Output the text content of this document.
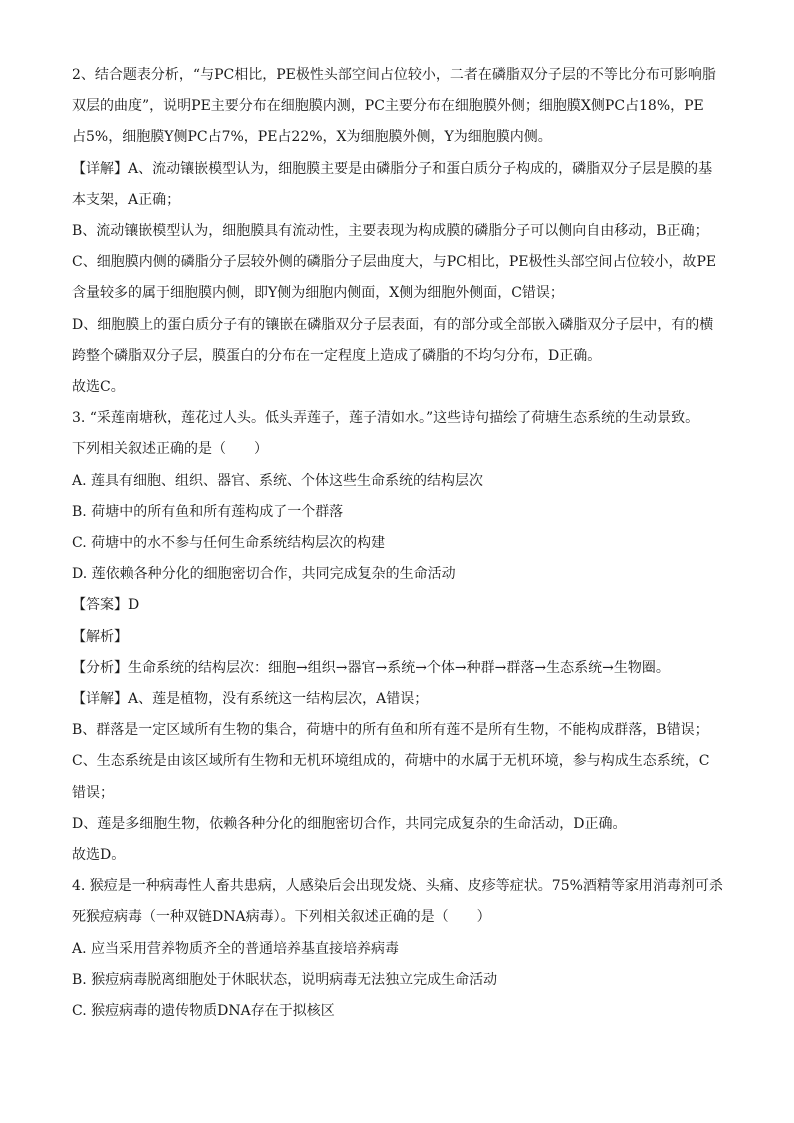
2、结合题表分析，“与PC相比，PE极性头部空间占位较小，二者在磷脂双分子层的不等比分布可影响脂

双层的曲度”，说明PE主要分布在细胞膜内测，PC主要分布在细胞膜外侧；细胞膜X侧PC占18%，PE

占5%，细胞膜Y侧PC占7%，PE占22%，X为细胞膜外侧，Y为细胞膜内侧。

【详解】A、流动镶嵌模型认为，细胞膜主要是由磷脂分子和蛋白质分子构成的，磷脂双分子层是膜的基

本支架，A正确；

B、流动镶嵌模型认为，细胞膜具有流动性，主要表现为构成膜的磷脂分子可以侧向自由移动，B正确；

C、细胞膜内侧的磷脂分子层较外侧的磷脂分子层曲度大，与PC相比，PE极性头部空间占位较小，故PE

含量较多的属于细胞膜内侧，即Y侧为细胞内侧面，X侧为细胞外侧面，C错误；

D、细胞膜上的蛋白质分子有的镶嵌在磷脂双分子层表面，有的部分或全部嵌入磷脂双分子层中，有的横

跨整个磷脂双分子层，膜蛋白的分布在一定程度上造成了磷脂的不均匀分布，D正确。

故选C。

3. “采莲南塘秋，莲花过人头。低头弄莲子，莲子清如水。”这些诗句描绘了荷塘生态系统的生动景致。

下列相关叙述正确的是（　　）

A. 莲具有细胞、组织、器官、系统、个体这些生命系统的结构层次

B. 荷塘中的所有鱼和所有莲构成了一个群落

C. 荷塘中的水不参与任何生命系统结构层次的构建

D. 莲依赖各种分化的细胞密切合作，共同完成复杂的生命活动

【答案】D

【解析】

【分析】生命系统的结构层次：细胞→组织→器官→系统→个体→种群→群落→生态系统→生物圈。

【详解】A、莲是植物，没有系统这一结构层次，A错误；

B、群落是一定区域所有生物的集合，荷塘中的所有鱼和所有莲不是所有生物，不能构成群落，B错误；

C、生态系统是由该区域所有生物和无机环境组成的，荷塘中的水属于无机环境，参与构成生态系统，C

错误；

D、莲是多细胞生物，依赖各种分化的细胞密切合作，共同完成复杂的生命活动，D正确。

故选D。

4. 猴痘是一种病毒性人畜共患病，人感染后会出现发烧、头痛、皮疹等症状。75%酒精等家用消毒剂可杀

死猴痘病毒（一种双链DNA病毒）。下列相关叙述正确的是（　　）

A. 应当采用营养物质齐全的普通培养基直接培养病毒

B. 猴痘病毒脱离细胞处于休眠状态，说明病毒无法独立完成生命活动

C. 猴痘病毒的遗传物质DNA存在于拟核区
